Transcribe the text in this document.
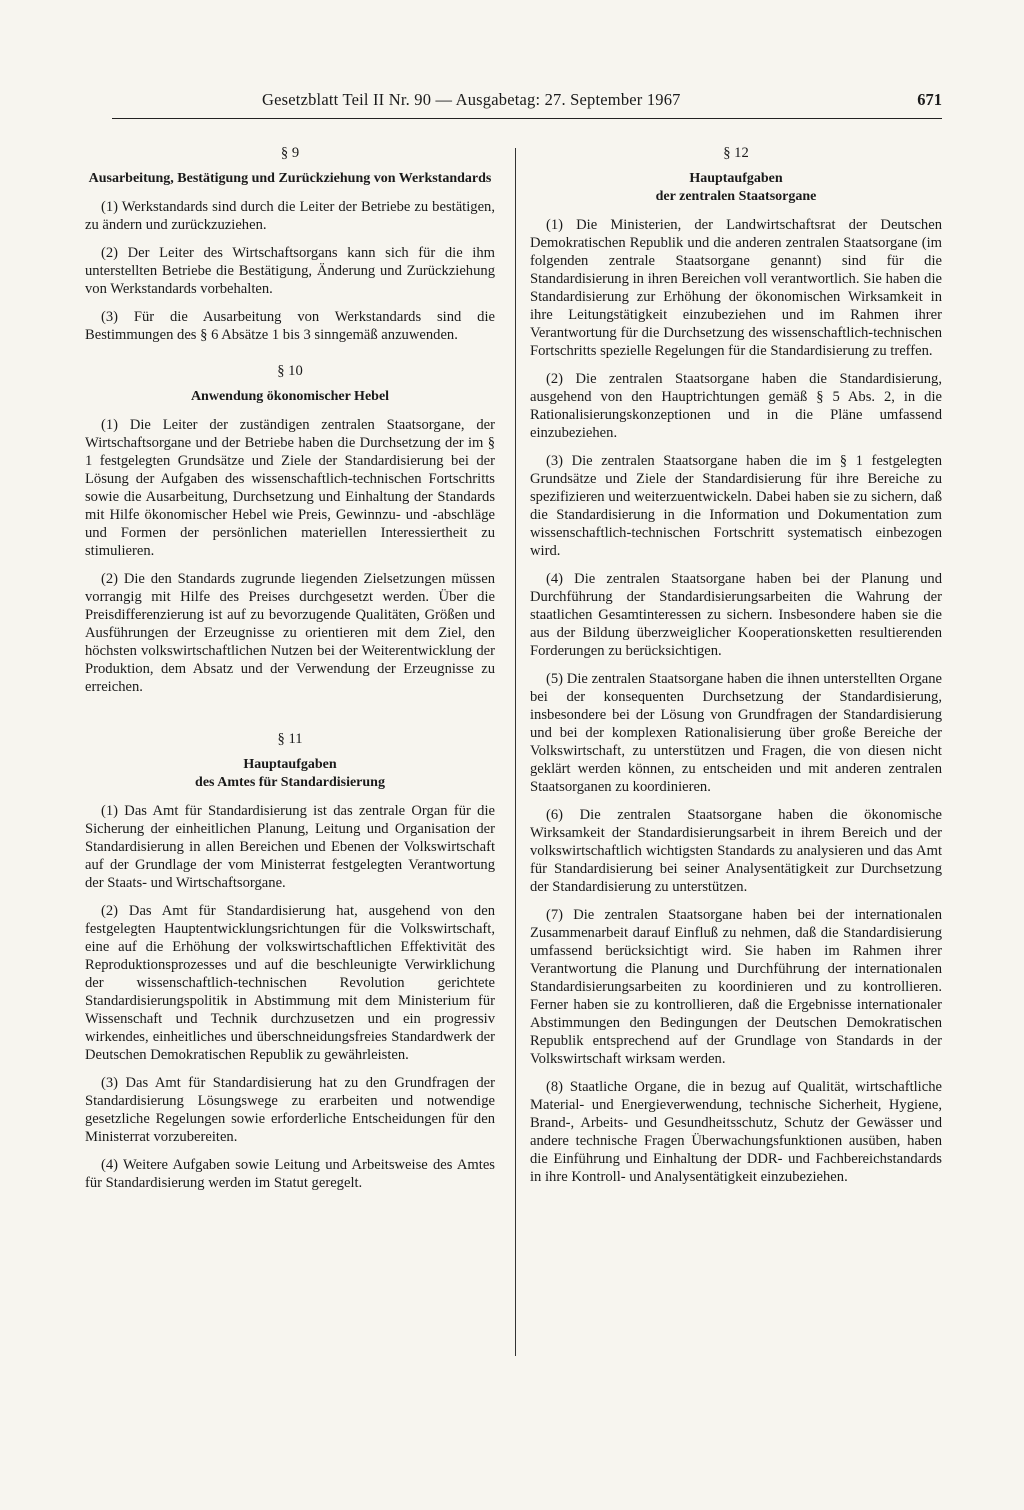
Gesetzblatt Teil II Nr. 90 — Ausgabetag: 27. September 1967	671
§ 9
Ausarbeitung, Bestätigung und Zurückziehung von Werkstandards

(1) Werkstandards sind durch die Leiter der Betriebe zu bestätigen, zu ändern und zurückzuziehen.

(2) Der Leiter des Wirtschaftsorgans kann sich für die ihm unterstellten Betriebe die Bestätigung, Änderung und Zurückziehung von Werkstandards vorbehalten.

(3) Für die Ausarbeitung von Werkstandards sind die Bestimmungen des § 6 Absätze 1 bis 3 sinngemäß anzuwenden.

§ 10
Anwendung ökonomischer Hebel

(1) Die Leiter der zuständigen zentralen Staatsorgane, der Wirtschaftsorgane und der Betriebe haben die Durchsetzung der im § 1 festgelegten Grundsätze und Ziele der Standardisierung bei der Lösung der Aufgaben des wissenschaftlich-technischen Fortschritts sowie die Ausarbeitung, Durchsetzung und Einhaltung der Standards mit Hilfe ökonomischer Hebel wie Preis, Gewinnzu- und -abschläge und Formen der persönlichen materiellen Interessiertheit zu stimulieren.

(2) Die den Standards zugrunde liegenden Zielsetzungen müssen vorrangig mit Hilfe des Preises durchgesetzt werden. Über die Preisdifferenzierung ist auf zu bevorzugende Qualitäten, Größen und Ausführungen der Erzeugnisse zu orientieren mit dem Ziel, den höchsten volkswirtschaftlichen Nutzen bei der Weiterentwicklung der Produktion, dem Absatz und der Verwendung der Erzeugnisse zu erreichen.

§ 11
Hauptaufgaben
des Amtes für Standardisierung

(1) Das Amt für Standardisierung ist das zentrale Organ für die Sicherung der einheitlichen Planung, Leitung und Organisation der Standardisierung in allen Bereichen und Ebenen der Volkswirtschaft auf der Grundlage der vom Ministerrat festgelegten Verantwortung der Staats- und Wirtschaftsorgane.

(2) Das Amt für Standardisierung hat, ausgehend von den festgelegten Hauptentwicklungsrichtungen für die Volkswirtschaft, eine auf die Erhöhung der volkswirtschaftlichen Effektivität des Reproduktionsprozesses und auf die beschleunigte Verwirklichung der wissenschaftlich-technischen Revolution gerichtete Standardisierungspolitik in Abstimmung mit dem Ministerium für Wissenschaft und Technik durchzusetzen und ein progressiv wirkendes, einheitliches und überschneidungsfreies Standardwerk der Deutschen Demokratischen Republik zu gewährleisten.

(3) Das Amt für Standardisierung hat zu den Grundfragen der Standardisierung Lösungswege zu erarbeiten und notwendige gesetzliche Regelungen sowie erforderliche Entscheidungen für den Ministerrat vorzubereiten.

(4) Weitere Aufgaben sowie Leitung und Arbeitsweise des Amtes für Standardisierung werden im Statut geregelt.

§ 12
Hauptaufgaben
der zentralen Staatsorgane

(1) Die Ministerien, der Landwirtschaftsrat der Deutschen Demokratischen Republik und die anderen zentralen Staatsorgane (im folgenden zentrale Staatsorgane genannt) sind für die Standardisierung in ihren Bereichen voll verantwortlich. Sie haben die Standardisierung zur Erhöhung der ökonomischen Wirksamkeit in ihre Leitungstätigkeit einzubeziehen und im Rahmen ihrer Verantwortung für die Durchsetzung des wissenschaftlich-technischen Fortschritts spezielle Regelungen für die Standardisierung zu treffen.

(2) Die zentralen Staatsorgane haben die Standardisierung, ausgehend von den Hauptrichtungen gemäß § 5 Abs. 2, in die Rationalisierungskonzeptionen und in die Pläne umfassend einzubeziehen.

(3) Die zentralen Staatsorgane haben die im § 1 festgelegten Grundsätze und Ziele der Standardisierung für ihre Bereiche zu spezifizieren und weiterzuentwickeln. Dabei haben sie zu sichern, daß die Standardisierung in die Information und Dokumentation zum wissenschaftlich-technischen Fortschritt systematisch einbezogen wird.

(4) Die zentralen Staatsorgane haben bei der Planung und Durchführung der Standardisierungsarbeiten die Wahrung der staatlichen Gesamtinteressen zu sichern. Insbesondere haben sie die aus der Bildung überzweiglicher Kooperationsketten resultierenden Forderungen zu berücksichtigen.

(5) Die zentralen Staatsorgane haben die ihnen unterstellten Organe bei der konsequenten Durchsetzung der Standardisierung, insbesondere bei der Lösung von Grundfragen der Standardisierung und bei der komplexen Rationalisierung über große Bereiche der Volkswirtschaft, zu unterstützen und Fragen, die von diesen nicht geklärt werden können, zu entscheiden und mit anderen zentralen Staatsorganen zu koordinieren.

(6) Die zentralen Staatsorgane haben die ökonomische Wirksamkeit der Standardisierungsarbeit in ihrem Bereich und der volkswirtschaftlich wichtigsten Standards zu analysieren und das Amt für Standardisierung bei seiner Analysentätigkeit zur Durchsetzung der Standardisierung zu unterstützen.

(7) Die zentralen Staatsorgane haben bei der internationalen Zusammenarbeit darauf Einfluß zu nehmen, daß die Standardisierung umfassend berücksichtigt wird. Sie haben im Rahmen ihrer Verantwortung die Planung und Durchführung der internationalen Standardisierungsarbeiten zu koordinieren und zu kontrollieren. Ferner haben sie zu kontrollieren, daß die Ergebnisse internationaler Abstimmungen den Bedingungen der Deutschen Demokratischen Republik entsprechend auf der Grundlage von Standards in der Volkswirtschaft wirksam werden.

(8) Staatliche Organe, die in bezug auf Qualität, wirtschaftliche Material- und Energieverwendung, technische Sicherheit, Hygiene, Brand-, Arbeits- und Gesundheitsschutz, Schutz der Gewässer und andere technische Fragen Überwachungsfunktionen ausüben, haben die Einführung und Einhaltung der DDR- und Fachbereichstandards in ihre Kontroll- und Analysentätigkeit einzubeziehen.
